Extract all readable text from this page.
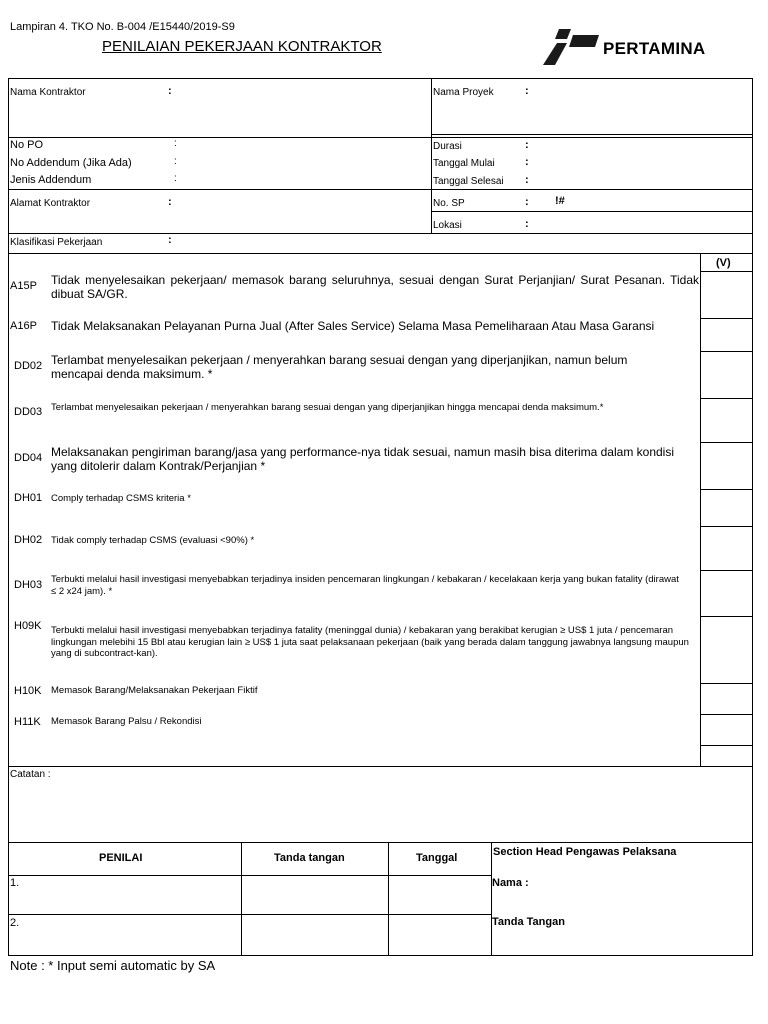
Lampiran 4. TKO No. B-004 /E15440/2019-S9
PENILAIAN PEKERJAAN KONTRAKTOR	PERTAMINA
Nama Kontraktor	:	Nama Proyek	:
No PO	:
No Addendum (Jika Ada)	:
Jenis Addendum	:
Durasi	:
Tanggal Mulai	:
Tanggal Selesai :
Alamat Kontraktor	:	No. SP	: !#
Lokasi	:
Klasifikasi Pekerjaan	:
(V)
A15P Tidak menyelesaikan pekerjaan/ memasok barang seluruhnya, sesuai dengan Surat Perjanjian/ Surat Pesanan. Tidak dibuat SA/GR.
A16P Tidak Melaksanakan Pelayanan Purna Jual (After Sales Service) Selama Masa Pemeliharaan Atau Masa Garansi
DD02 Terlambat menyelesaikan pekerjaan / menyerahkan barang sesuai dengan yang diperjanjikan, namun belum mencapai denda maksimum. *
DD03 Terlambat menyelesaikan pekerjaan / menyerahkan barang sesuai dengan yang diperjanjikan hingga mencapai denda maksimum.*
DD04 Melaksanakan pengiriman barang/jasa yang performance-nya tidak sesuai, namun masih bisa diterima dalam kondisi yang ditolerir dalam Kontrak/Perjanjian *
DH01 Comply terhadap CSMS kriteria *
DH02 Tidak comply terhadap CSMS (evaluasi <90%) *
DH03 Terbukti melalui hasil investigasi menyebabkan terjadinya insiden pencemaran lingkungan / kebakaran / kecelakaan kerja yang bukan fatality (dirawat ≤ 2 x24 jam). *
H09K Terbukti melalui hasil investigasi menyebabkan terjadinya fatality (meninggal dunia) / kebakaran yang berakibat kerugian ≥ US$ 1 juta / pencemaran lingkungan melebihi 15 Bbl atau kerugian lain ≥ US$ 1 juta saat pelaksanaan pekerjaan (baik yang berada dalam tanggung jawabnya langsung maupun yang di subcontract-kan).
H10K Memasok Barang/Melaksanakan Pekerjaan Fiktif
H11K Memasok Barang Palsu / Rekondisi
Catatan :
PENILAI	Tanda tangan	Tanggal	Section Head Pengawas Pelaksana
1.
2.
Nama :
Tanda Tangan
Note : * Input semi automatic by SA
